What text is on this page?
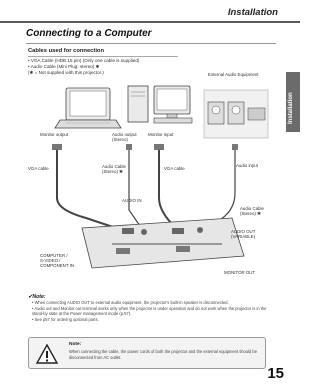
Installation
Installation
Connecting to a Computer
Cables used for connection
• VGA Cable (HDB 15 pin) (Only one cable is supplied)
• Audio Cable (Mini Plug: stereo) ✱
(✱ = Not supplied with this projector.)	External Audio Equipment
Monitor output	Audio output
(Stereo)
Monitor input
VGA cable	Audio Cable
(Stereo) ✱
VGA cable
Audio input
AUDIO IN
Audio Cable
(Stereo) ✱
AUDIO OUT
(VARIABLE)
COMPUTER /
S-VIDEO /
COMPONENT IN
MONITOR OUT
✔Note:
• When connecting AUDIO OUT to external audio equipment, the projector's built-in speaker is disconnected.
• Audio out and Monitor out terminal works only when the projector is under operation and do not work when the projector is in the stand-by state at the Power management mode (p.57).
• See p57 for ordering optional parts.
Note:
When connecting the cable, the power cords of both the projector and the external equipment should be disconnected from AC outlet.
15
